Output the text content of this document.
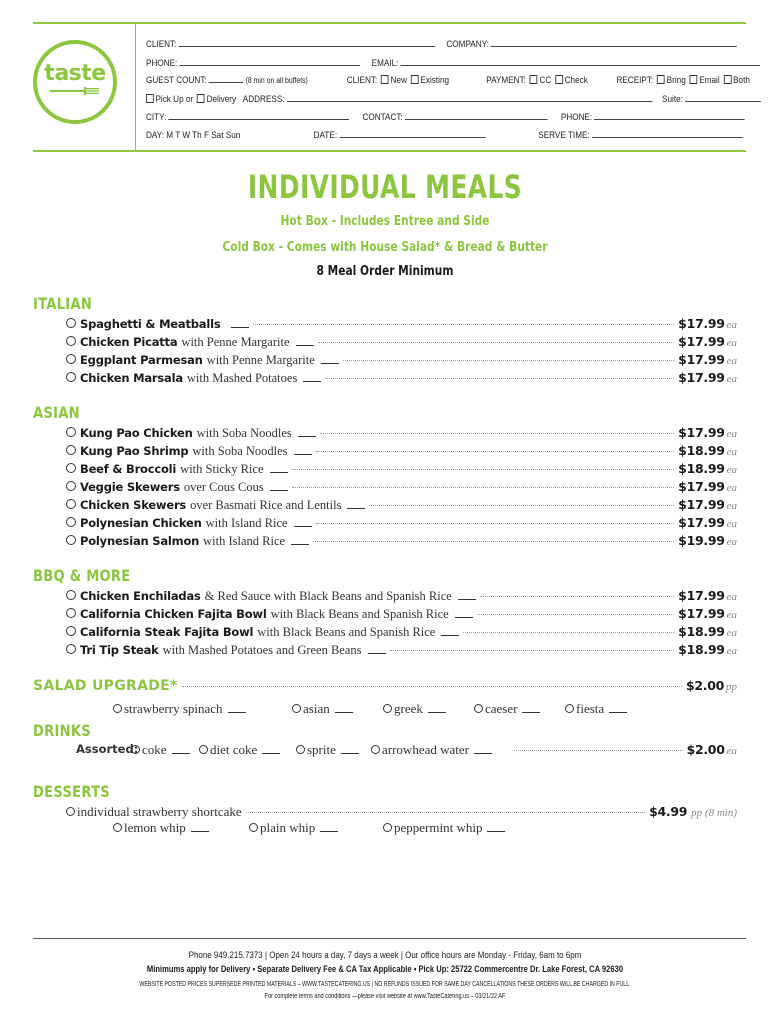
taste
CLIENT:	COMPANY:
PHONE:	EMAIL:
GUEST COUNT:	(8 min on all buffets)	CLIENT: New Existing	PAYMENT: CC Check	RECEIPT: Bring Email Both
Pick Up or Delivery ADDRESS:	Suite:
CITY:	CONTACT:	PHONE:
DAY: M T W Th F Sat Sun	DATE:	SERVE TIME:
INDIVIDUAL MEALS
Hot Box - Includes Entree and Side
Cold Box - Comes with House Salad* & Bread & Butter
8 Meal Order Minimum
ITALIAN
Spaghetti & Meatballs	$17.99 ea
Chicken Picatta with Penne Margarite	$17.99 ea
Eggplant Parmesan with Penne Margarite	$17.99 ea
Chicken Marsala with Mashed Potatoes	$17.99 ea
ASIAN
Kung Pao Chicken with Soba Noodles	$17.99 ea
Kung Pao Shrimp with Soba Noodles	$18.99 ea
Beef & Broccoli with Sticky Rice	$18.99 ea
Veggie Skewers over Cous Cous	$17.99 ea
Chicken Skewers over Basmati Rice and Lentils	$17.99 ea
Polynesian Chicken with Island Rice	$17.99 ea
Polynesian Salmon with Island Rice	$19.99 ea
BBQ & MORE
Chicken Enchiladas & Red Sauce with Black Beans and Spanish Rice	$17.99 ea
California Chicken Fajita Bowl with Black Beans and Spanish Rice	$17.99 ea
California Steak Fajita Bowl with Black Beans and Spanish Rice	$18.99 ea
Tri Tip Steak with Mashed Potatoes and Green Beans	$18.99 ea
SALAD UPGRADE*	$2.00 pp
strawberry spinach	asian	greek	caeser	fiesta
DRINKS
Assorted: coke	diet coke	sprite	arrowhead water	$2.00 ea
DESSERTS
individual strawberry shortcake	$4.99 pp (8 min)
lemon whip	plain whip	peppermint whip
Phone 949.215.7373 | Open 24 hours a day, 7 days a week | Our office hours are Monday - Friday, 6am to 6pm
Minimums apply for Delivery • Separate Delivery Fee & CA Tax Applicable • Pick Up: 25722 Commercentre Dr. Lake Forest, CA 92630
WEBSITE POSTED PRICES SUPERSEDE PRINTED MATERIALS – WWW.TASTECATERING.US | NO REFUNDS ISSUED FOR SAME DAY CANCELLATIONS THESE ORDERS WILL BE CHARGED IN FULL.
For complete terms and conditions —please visit website at www.TasteCatering.us – 03/21/22 AF
